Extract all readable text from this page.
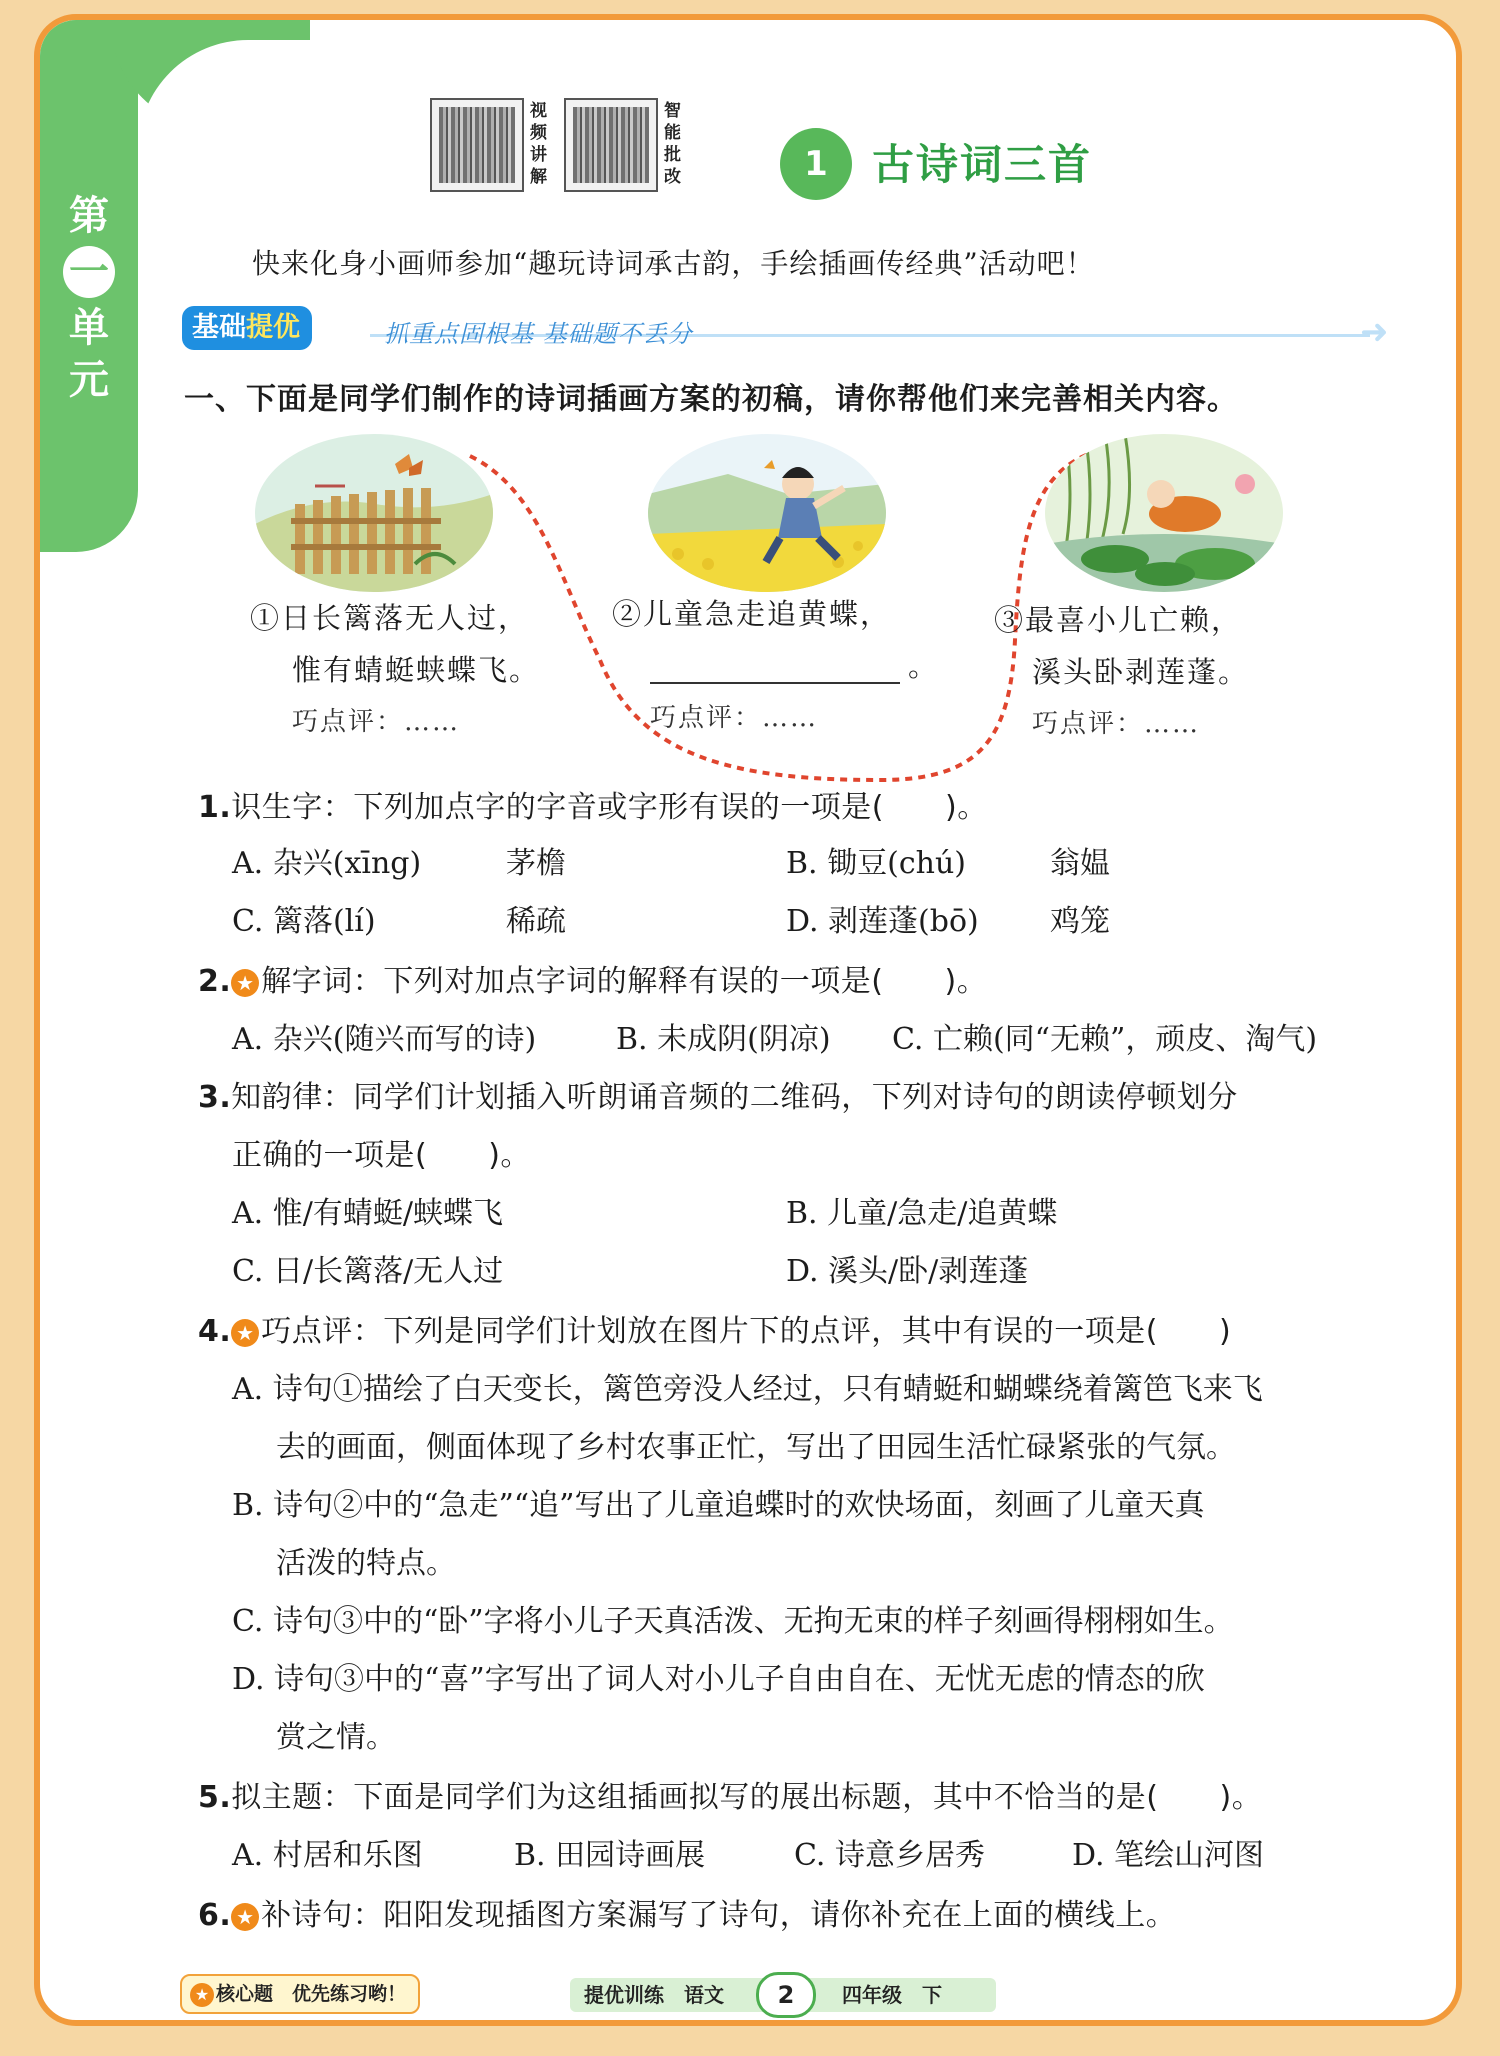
第
一
单
元
视
频
讲
解
智
能
批
改	1	古诗词三首
快来化身小画师参加“趣玩诗词承古韵，手绘插画传经典”活动吧！
➜
基础提优	抓重点固根基 基础题不丢分
一、下面是同学们制作的诗词插画方案的初稿，请你帮他们来完善相关内容。
①日长篱落无人过，
惟有蜻蜓蛱蝶飞。
巧点评：……
②儿童急走追黄蝶，
。
巧点评：……
③最喜小儿亡赖，
溪头卧剥莲蓬。
巧点评：……
1.识生字：下列加点字的字音或字形有误的一项是(　　)。
A. 杂兴(xīng)	茅檐	B. 锄豆(chú)	翁媪
C. 篱落(lí)	稀疏	D. 剥莲蓬(bō) 鸡笼
2. ★ 解字词：下列对加点字词的解释有误的一项是(　　)。
A. 杂兴(随兴而写的诗)	B. 未成阴(阴凉) C. 亡赖(同“无赖”，顽皮、淘气)
3.知韵律：同学们计划插入听朗诵音频的二维码，下列对诗句的朗读停顿划分
正确的一项是(　　)。
A. 惟/有蜻蜓/蛱蝶飞	B. 儿童/急走/追黄蝶
C. 日/长篱落/无人过	D. 溪头/卧/剥莲蓬
4. ★ 巧点评：下列是同学们计划放在图片下的点评，其中有误的一项是(　　)
A. 诗句①描绘了白天变长，篱笆旁没人经过，只有蜻蜓和蝴蝶绕着篱笆飞来飞
去的画面，侧面体现了乡村农事正忙，写出了田园生活忙碌紧张的气氛。
B. 诗句②中的“急走”“追”写出了儿童追蝶时的欢快场面，刻画了儿童天真
活泼的特点。
C. 诗句③中的“卧”字将小儿子天真活泼、无拘无束的样子刻画得栩栩如生。
D. 诗句③中的“喜”字写出了词人对小儿子自由自在、无忧无虑的情态的欣
赏之情。
5.拟主题：下面是同学们为这组插画拟写的展出标题，其中不恰当的是(　　)。
A. 村居和乐图	B. 田园诗画展	C. 诗意乡居秀	D. 笔绘山河图
6. ★ 补诗句：阳阳发现插图方案漏写了诗句，请你补充在上面的横线上。
★ 核心题　优先练习哟！	提优训练　语文	2	四年级　下
